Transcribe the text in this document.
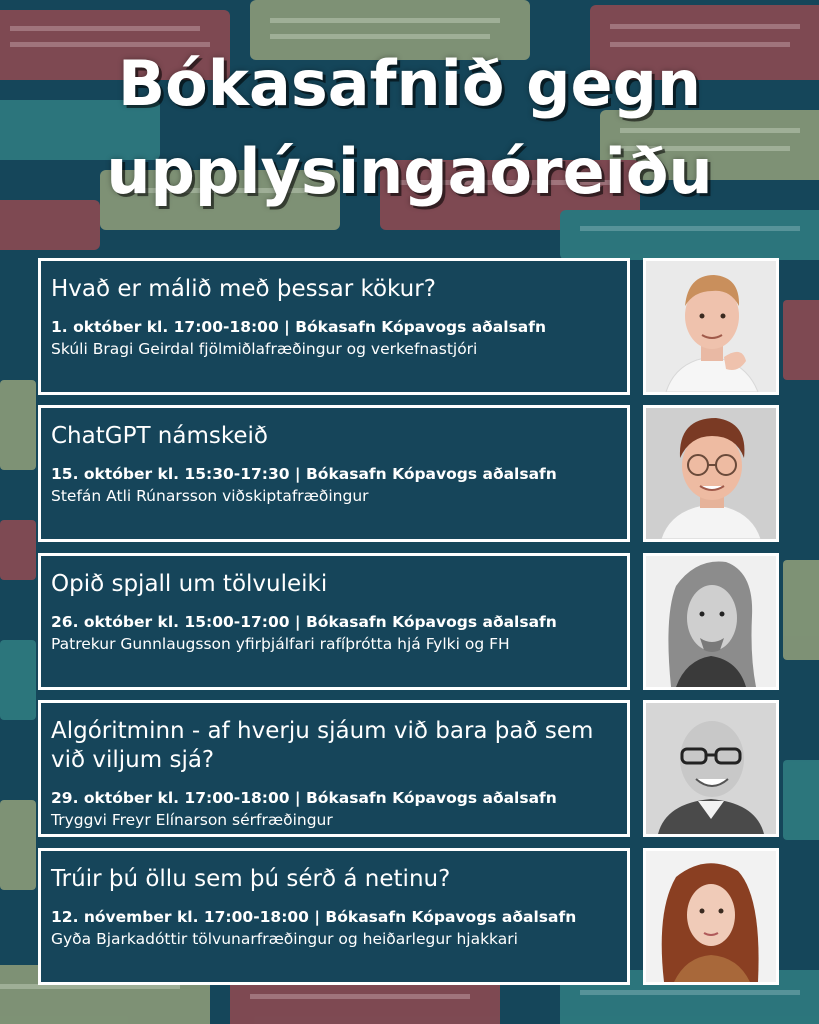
Bókasafnið gegn
upplýsingaóreiðu
Hvað er málið með þessar kökur?

1. október kl. 17:00-18:00 | Bókasafn Kópavogs aðalsafn

Skúli Bragi Geirdal fjölmiðlafræðingur og verkefnastjóri

ChatGPT námskeið

15. október kl. 15:30-17:30 | Bókasafn Kópavogs aðalsafn

Stefán Atli Rúnarsson viðskiptafræðingur

Opið spjall um tölvuleiki

26. október kl. 15:00-17:00 | Bókasafn Kópavogs aðalsafn

Patrekur Gunnlaugsson yfirþjálfari rafíþrótta hjá Fylki og FH

Algóritminn - af hverju sjáum við bara það sem við viljum sjá?

29. október kl. 17:00-18:00 | Bókasafn Kópavogs aðalsafn

Tryggvi Freyr Elínarson sérfræðingur

Trúir þú öllu sem þú sérð á netinu?

12. nóvember kl. 17:00-18:00 | Bókasafn Kópavogs aðalsafn

Gyða Bjarkadóttir tölvunarfræðingur og heiðarlegur hjakkari
